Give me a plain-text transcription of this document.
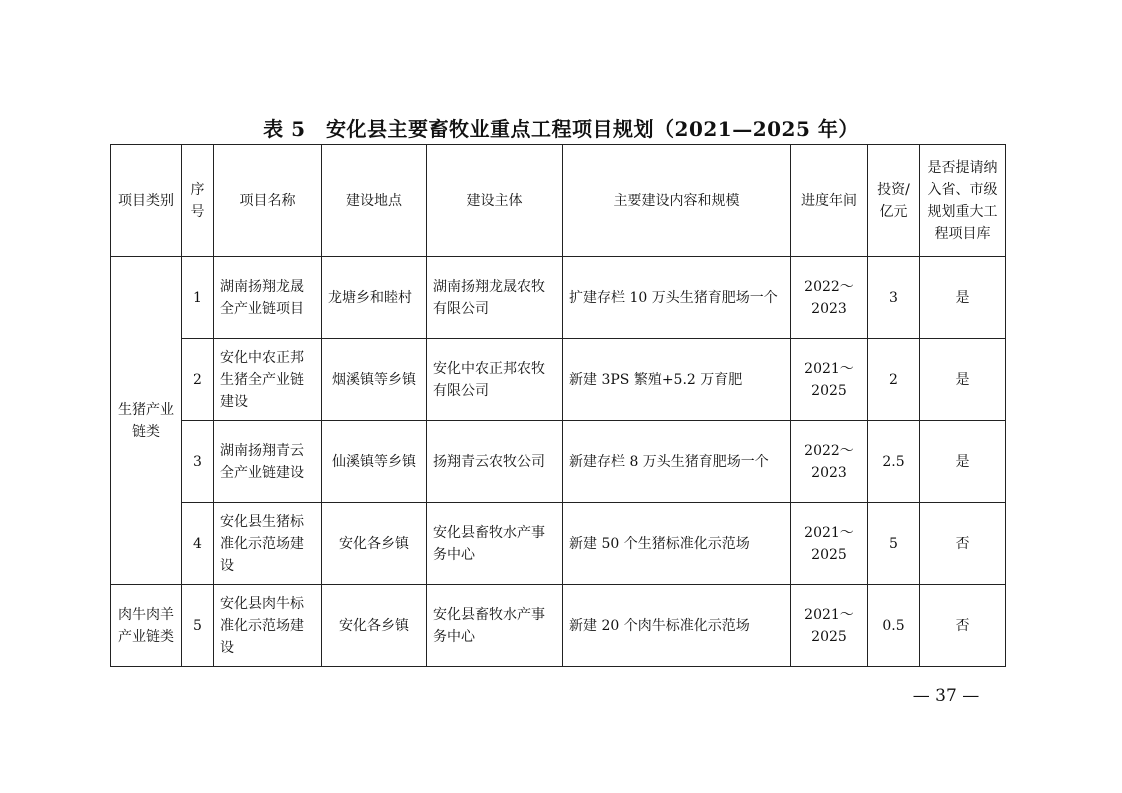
表 5　安化县主要畜牧业重点工程项目规划（2021—2025 年）
项目类别	序号	项目名称	建设地点	建设主体	主要建设内容和规模	进度年间	投资/亿元	是否提请纳入省、市级规划重大工程项目库
生猪产业链类	1	湖南扬翔龙晟全产业链项目	龙塘乡和睦村	湖南扬翔龙晟农牧有限公司	扩建存栏 10 万头生猪育肥场一个	2022～2023	3	是
	2	安化中农正邦生猪全产业链建设	烟溪镇等乡镇	安化中农正邦农牧有限公司	新建 3PS 繁殖+5.2 万育肥	2021～2025	2	是
	3	湖南扬翔青云全产业链建设	仙溪镇等乡镇	扬翔青云农牧公司	新建存栏 8 万头生猪育肥场一个	2022～2023	2.5	是
	4	安化县生猪标准化示范场建设	安化各乡镇	安化县畜牧水产事务中心	新建 50 个生猪标准化示范场	2021～2025	5	否
肉牛肉羊产业链类	5	安化县肉牛标准化示范场建设	安化各乡镇	安化县畜牧水产事务中心	新建 20 个肉牛标准化示范场	2021～2025	0.5	否
— 37 —
